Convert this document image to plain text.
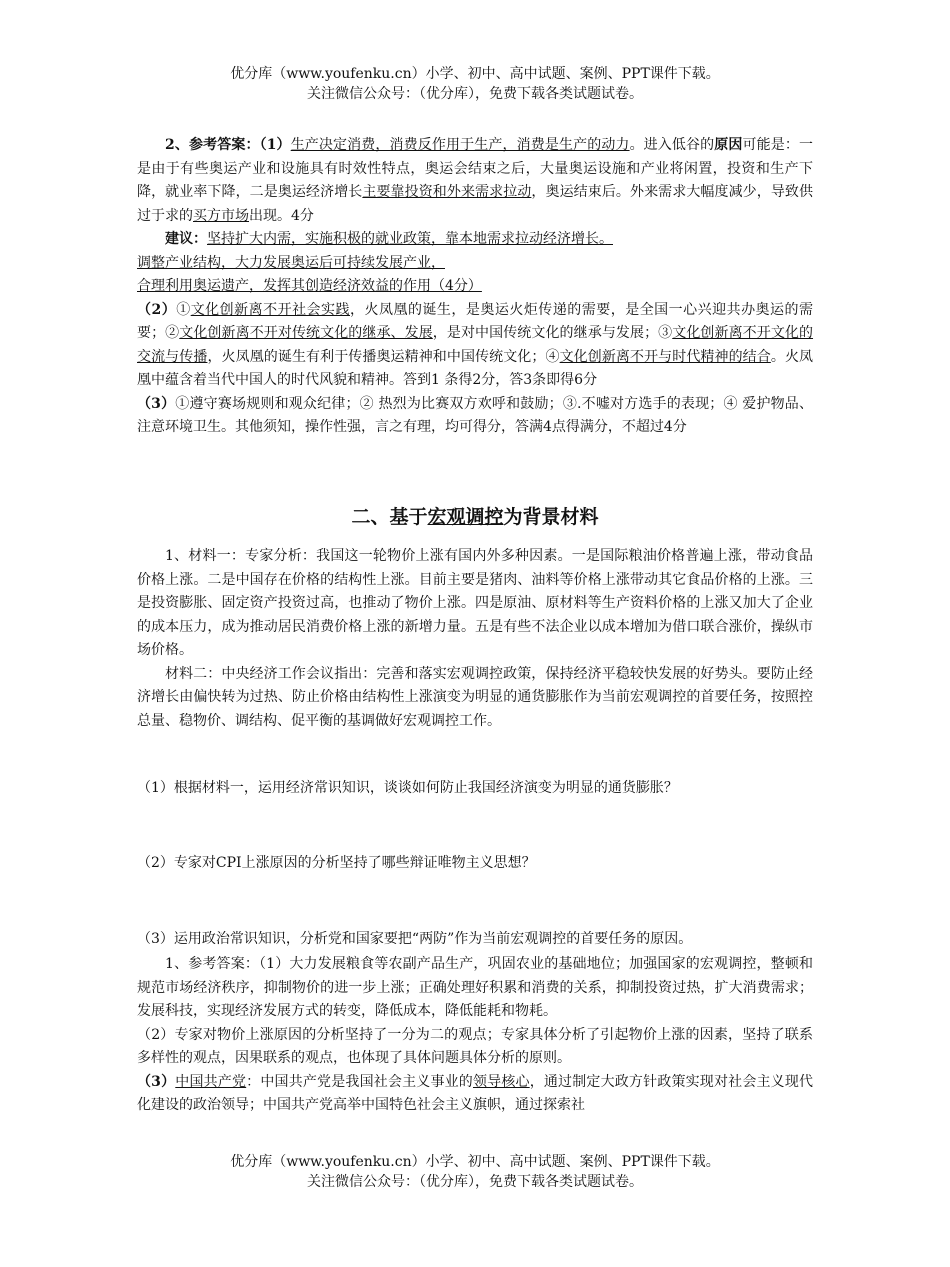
优分库（www.youfenku.cn）小学、初中、高中试题、案例、PPT课件下载。
关注微信公众号：（优分库），免费下载各类试题试卷。

2、参考答案：（1）生产决定消费，消费反作用于生产，消费是生产的动力。进入低谷的原因可能是：一是由于有些奥运产业和设施具有时效性特点，奥运会结束之后，大量奥运设施和产业将闲置，投资和生产下降，就业率下降，二是奥运经济增长主要靠投资和外来需求拉动，奥运结束后。外来需求大幅度减少，导致供过于求的买方市场出现。4分

建议：坚持扩大内需，实施积极的就业政策，靠本地需求拉动经济增长。

调整产业结构，大力发展奥运后可持续发展产业，

合理利用奥运遗产，发挥其创造经济效益的作用（4分）

（2）①文化创新离不开社会实践，火凤凰的诞生，是奥运火炬传递的需要，是全国一心兴迎共办奥运的需要；②文化创新离不开对传统文化的继承、发展，是对中国传统文化的继承与发展；③文化创新离不开文化的交流与传播，火凤凰的诞生有利于传播奥运精神和中国传统文化；④文化创新离不开与时代精神的结合。火凤凰中蕴含着当代中国人的时代风貌和精神。答到1 条得2分，答3条即得6分

（3）①遵守赛场规则和观众纪律；② 热烈为比赛双方欢呼和鼓励；③.不嘘对方选手的表现；④ 爱护物品、注意环境卫生。其他须知，操作性强，言之有理，均可得分，答满4点得满分，不超过4分

二、基于宏观调控为背景材料

1、材料一：专家分析：我国这一轮物价上涨有国内外多种因素。一是国际粮油价格普遍上涨，带动食品价格上涨。二是中国存在价格的结构性上涨。目前主要是猪肉、油料等价格上涨带动其它食品价格的上涨。三是投资膨胀、固定资产投资过高，也推动了物价上涨。四是原油、原材料等生产资料价格的上涨又加大了企业的成本压力，成为推动居民消费价格上涨的新增力量。五是有些不法企业以成本增加为借口联合涨价，操纵市场价格。

材料二：中央经济工作会议指出：完善和落实宏观调控政策，保持经济平稳较快发展的好势头。要防止经济增长由偏快转为过热、防止价格由结构性上涨演变为明显的通货膨胀作为当前宏观调控的首要任务，按照控总量、稳物价、调结构、促平衡的基调做好宏观调控工作。

（1）根据材料一，运用经济常识知识，谈谈如何防止我国经济演变为明显的通货膨胀？
（2）专家对CPI上涨原因的分析坚持了哪些辩证唯物主义思想？
（3）运用政治常识知识，分析党和国家要把“两防”作为当前宏观调控的首要任务的原因。

1、参考答案：（1）大力发展粮食等农副产品生产，巩固农业的基础地位；加强国家的宏观调控，整顿和规范市场经济秩序，抑制物价的进一步上涨；正确处理好积累和消费的关系，抑制投资过热，扩大消费需求；发展科技，实现经济发展方式的转变，降低成本，降低能耗和物耗。

（2）专家对物价上涨原因的分析坚持了一分为二的观点；专家具体分析了引起物价上涨的因素，坚持了联系多样性的观点，因果联系的观点，也体现了具体问题具体分析的原则。

（3）中国共产党：中国共产党是我国社会主义事业的领导核心，通过制定大政方针政策实现对社会主义现代化建设的政治领导；中国共产党高举中国特色社会主义旗帜，通过探索社

优分库（www.youfenku.cn）小学、初中、高中试题、案例、PPT课件下载。
关注微信公众号：（优分库），免费下载各类试题试卷。
